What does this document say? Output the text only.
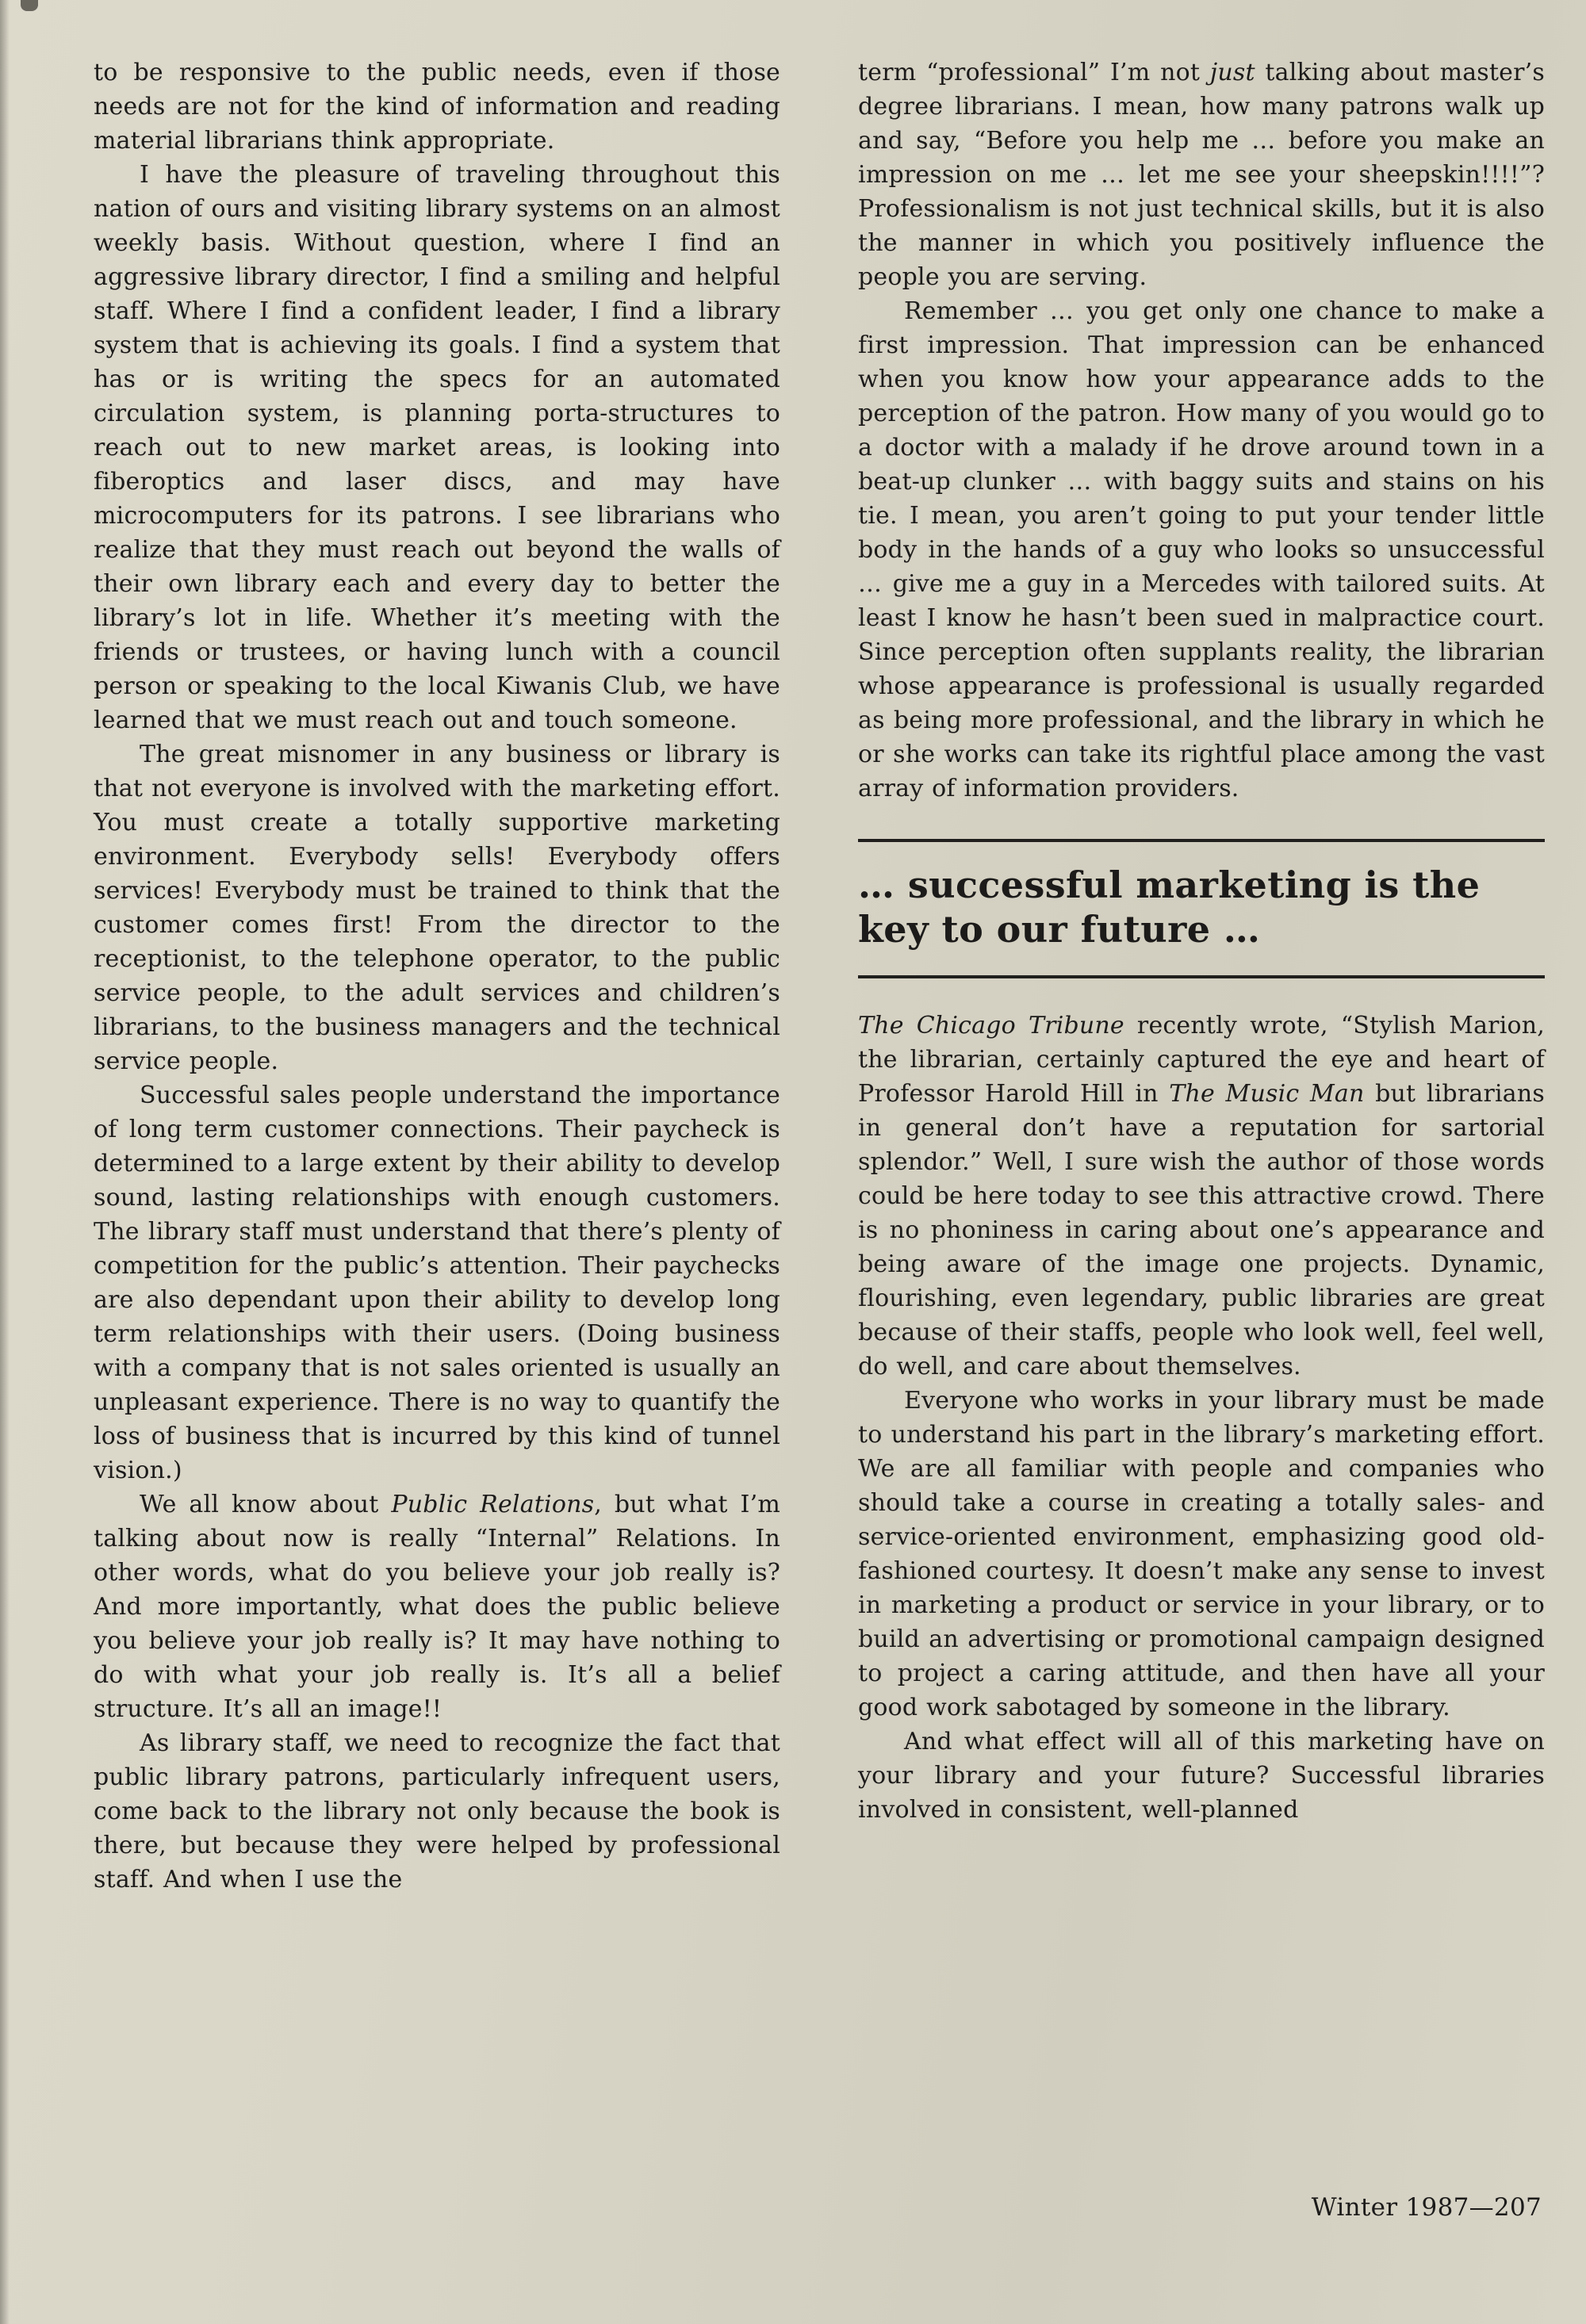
to be responsive to the public needs, even if those needs are not for the kind of information and reading material librarians think appropriate.

I have the pleasure of traveling throughout this nation of ours and visiting library systems on an almost weekly basis. Without question, where I find an aggressive library director, I find a smiling and helpful staff. Where I find a confident leader, I find a library system that is achieving its goals. I find a system that has or is writing the specs for an automated circulation system, is planning porta-structures to reach out to new market areas, is looking into fiberoptics and laser discs, and may have microcomputers for its patrons. I see librarians who realize that they must reach out beyond the walls of their own library each and every day to better the library’s lot in life. Whether it’s meeting with the friends or trustees, or having lunch with a council person or speaking to the local Kiwanis Club, we have learned that we must reach out and touch someone.

The great misnomer in any business or library is that not everyone is involved with the marketing effort. You must create a totally supportive marketing environment. Everybody sells! Everybody offers services! Everybody must be trained to think that the customer comes first! From the director to the receptionist, to the telephone operator, to the public service people, to the adult services and children’s librarians, to the business managers and the technical service people.

Successful sales people understand the importance of long term customer connections. Their paycheck is determined to a large extent by their ability to develop sound, lasting relationships with enough customers. The library staff must understand that there’s plenty of competition for the public’s attention. Their paychecks are also dependant upon their ability to develop long term relationships with their users. (Doing business with a company that is not sales oriented is usually an unpleasant experience. There is no way to quantify the loss of business that is incurred by this kind of tunnel vision.)

We all know about Public Relations, but what I’m talking about now is really “Internal” Relations. In other words, what do you believe your job really is? And more importantly, what does the public believe you believe your job really is? It may have nothing to do with what your job really is. It’s all a belief structure. It’s all an image!!

As library staff, we need to recognize the fact that public library patrons, particularly infrequent users, come back to the library not only because the book is there, but because they were helped by professional staff. And when I use the

term “professional” I’m not just talking about master’s degree librarians. I mean, how many patrons walk up and say, “Before you help me … before you make an impression on me … let me see your sheepskin!!!!”? Professionalism is not just technical skills, but it is also the manner in which you positively influence the people you are serving.

Remember … you get only one chance to make a first impression. That impression can be enhanced when you know how your appearance adds to the perception of the patron. How many of you would go to a doctor with a malady if he drove around town in a beat-up clunker … with baggy suits and stains on his tie. I mean, you aren’t going to put your tender little body in the hands of a guy who looks so unsuccessful … give me a guy in a Mercedes with tailored suits. At least I know he hasn’t been sued in malpractice court. Since perception often supplants reality, the librarian whose appearance is professional is usually regarded as being more professional, and the library in which he or she works can take its rightful place among the vast array of information providers.

… successful marketing is the key to our future …

The Chicago Tribune recently wrote, “Stylish Marion, the librarian, certainly captured the eye and heart of Professor Harold Hill in The Music Man but librarians in general don’t have a reputation for sartorial splendor.” Well, I sure wish the author of those words could be here today to see this attractive crowd. There is no phoniness in caring about one’s appearance and being aware of the image one projects. Dynamic, flourishing, even legendary, public libraries are great because of their staffs, people who look well, feel well, do well, and care about themselves.

Everyone who works in your library must be made to understand his part in the library’s marketing effort. We are all familiar with people and companies who should take a course in creating a totally sales- and service-oriented environment, emphasizing good old-fashioned courtesy. It doesn’t make any sense to invest in marketing a product or service in your library, or to build an advertising or promotional campaign designed to project a caring attitude, and then have all your good work sabotaged by someone in the library.

And what effect will all of this marketing have on your library and your future? Successful libraries involved in consistent, well-planned

Winter 1987—207
